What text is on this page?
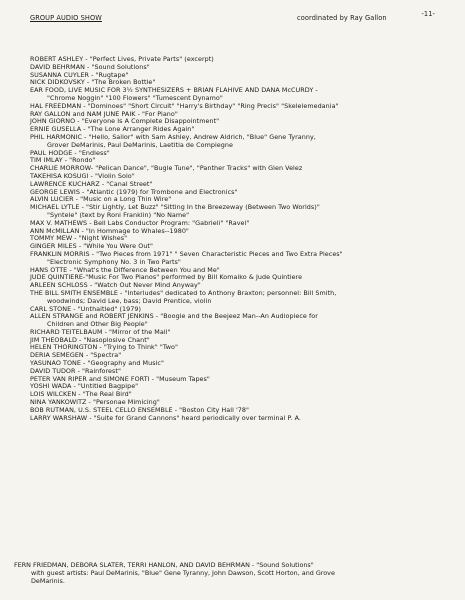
GROUP AUDIO SHOW	coordinated by Ray Gallon	-11-
ROBERT ASHLEY - "Perfect Lives, Private Parts" (excerpt)
DAVID BEHRMAN - "Sound Solutions"
SUSANNA CUYLER - "Rugtape"
NICK DIDKOVSKY - "The Broken Bottle"
EAR FOOD, LIVE MUSIC FOR 3½ SYNTHESIZERS + BRIAN FLAHIVE AND DANA McCURDY -
"Chrome Noggin" "100 Flowers" "Tumescent Dynamo"
HAL FREEDMAN - "Dominoes" "Short Circuit" "Harry's Birthday" "Ring Precis" "Skelelemedania"
RAY GALLON and NAM JUNE PAIK - "For Piano"
JOHN GIORNO - "Everyone Is A Complete Disappointment"
ERNIE GUSELLA - "The Lone Arranger Rides Again"
PHIL HARMONIC - "Hello, Sailor" with Sam Ashley, Andrew Aldrich, "Blue" Gene Tyranny,
Grover DeMarinis, Paul DeMarinis, Laetitia de Compiegne
PAUL HODGE - "Endless"
TIM IMLAY - "Rondo"
CHARLIE MORROW- "Pelican Dance", "Bugle Tune", "Panther Tracks" with Glen Velez
TAKEHISA KOSUGI - "Violin Solo"
LAWRENCE KUCHARZ - "Canal Street"
GEORGE LEWIS - "Atlantic (1979) for Trombone and Electronics"
ALVIN LUCIER - "Music on a Long Thin Wire"
MICHAEL LYTLE - "Stir Lightly, Let Buzz" "Sitting In the Breezeway (Between Two Worlds)"
"Syntele" (text by Roni Franklin) "No Name"
MAX V. MATHEWS - Bell Labs Conductor Program: "Gabrieli" "Ravel"
ANN McMILLAN - "In Hommage to Whales--1980"
TOMMY MEW - "Night Wishes"
GINGER MILES - "While You Were Out"
FRANKLIN MORRIS - "Two Pieces from 1971" " Seven Characteristic Pieces and Two Extra Pieces"
"Electronic Symphony No. 3 in Two Parts"
HANS OTTE - "What's the Difference Between You and Me"
JUDE QUINTIERE-"Music For Two Pianos" performed by Bill Komaiko & Jude Quintiere
ARLEEN SCHLOSS - "Watch Out Never Mind Anyway"
THE BILL SMITH ENSEMBLE - "Interludes" dedicated to Anthony Braxton; personnel: Bill Smith,
woodwinds; David Lee, bass; David Prentice, violin
CARL STONE - "Unthaitled" (1979)
ALLEN STRANGE and ROBERT JENKINS - "Boogie and the Beejeez Man--An Audiopiece for
Children and Other Big People"
RICHARD TEITELBAUM - "Mirror of the Mall"
JIM THEOBALD - "Nasoplosive Chant"
HELEN THORINGTON - "Trying to Think" "Two"
DERIA SEMEGEN - "Spectra"
YASUNAO TONE - "Geography and Music"
DAVID TUDOR - "Rainforest"
PETER VAN RIPER and SIMONE FORTI - "Museum Tapes"
YOSHI WADA - "Untitled Bagpipe"
LOIS WILCKEN - "The Real Bird"
NINA YANKOWITZ - "Personae Mimicing"
BOB RUTMAN, U.S. STEEL CELLO ENSEMBLE - "Boston City Hall '78"
LARRY WARSHAW - "Suite for Grand Cannons" heard periodically over terminal P. A.
FERN FRIEDMAN, DEBORA SLATER, TERRI HANLON, AND DAVID BEHRMAN - "Sound Solutions"
with guest artists: Paul DeMarinis, "Blue" Gene Tyranny, John Dawson, Scott Horton, and Grove
DeMarinis.
